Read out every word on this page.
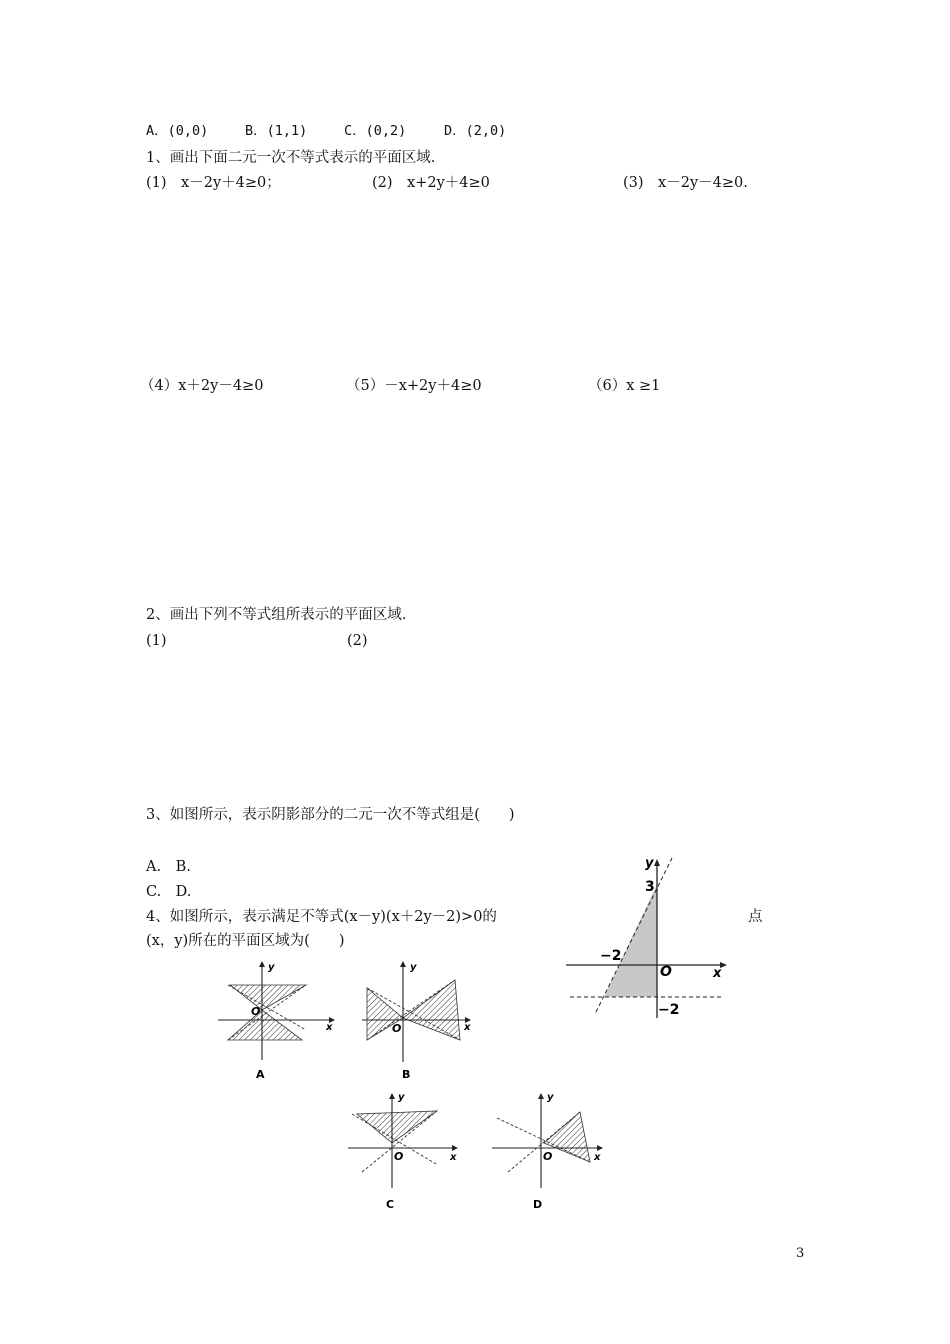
A．(0,0)	B．(1,1)	C．(0,2)	D．(2,0)
1、画出下面二元一次不等式表示的平面区域.
(1)　x－2y＋4≥0；	(2)　x+2y＋4≥0	(3)　x－2y－4≥0.
（4）x＋2y－4≥0	（5）－x+2y＋4≥0	（6）x ≥1
2、画出下列不等式组所表示的平面区域.
(1)	(2)
3、如图所示，表示阴影部分的二元一次不等式组是(　　)
A.　B.
C.　D.
4、如图所示，表示满足不等式(x－y)(x＋2y－2)>0的	点
(x，y)所在的平面区域为(　　)
y
x
O
3
−2
−2
y
x
O
A
y
x
O
B
y
x
O
C
y
x
O
D
3
